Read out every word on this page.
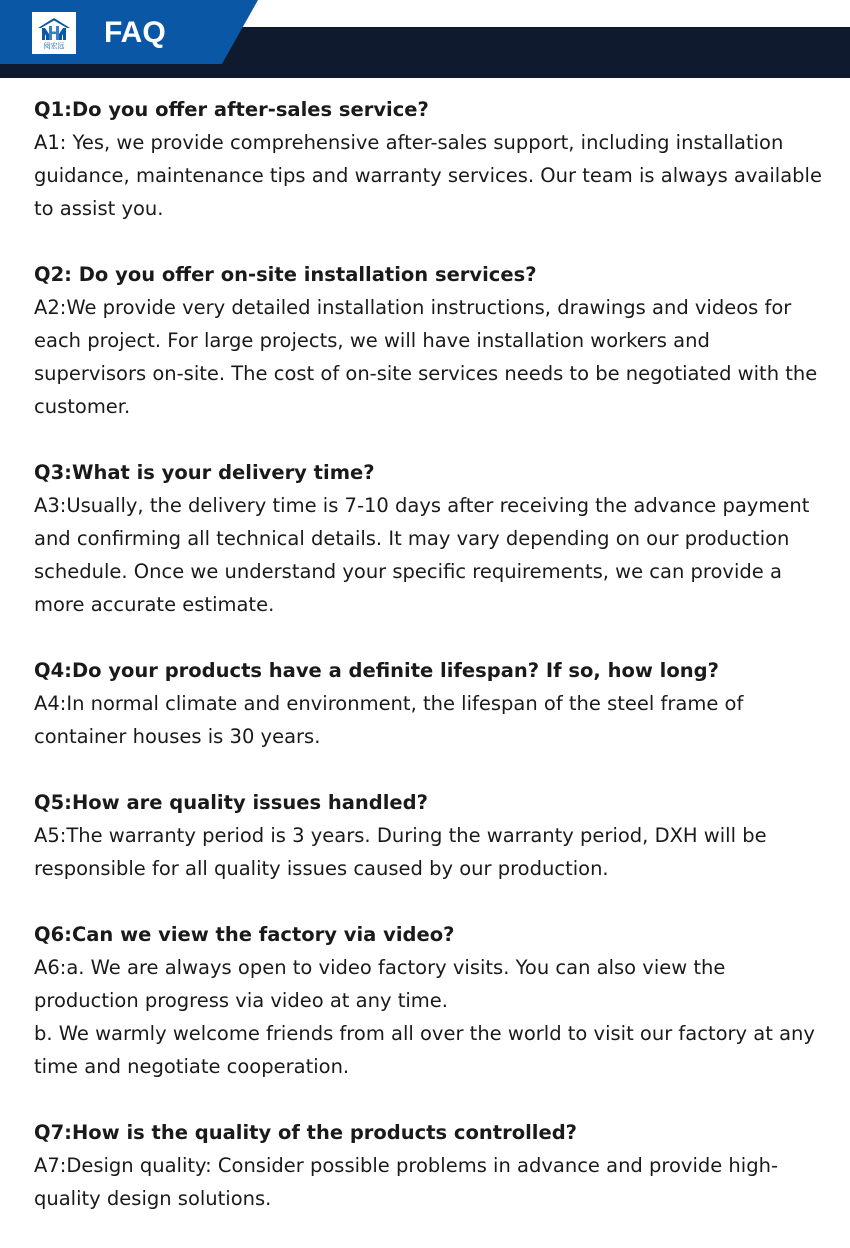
阅宏远 FAQ

Q1:Do you offer after-sales service?

A1: Yes, we provide comprehensive after-sales support, including installation guidance, maintenance tips and warranty services. Our team is always available to assist you.

Q2: Do you offer on-site installation services?

A2:We provide very detailed installation instructions, drawings and videos for each project. For large projects, we will have installation workers and supervisors on-site. The cost of on-site services needs to be negotiated with the customer.

Q3:What is your delivery time?

A3:Usually, the delivery time is 7-10 days after receiving the advance payment and confirming all technical details. It may vary depending on our production schedule. Once we understand your specific requirements, we can provide a more accurate estimate.

Q4:Do your products have a definite lifespan? If so, how long?

A4:In normal climate and environment, the lifespan of the steel frame of container houses is 30 years.

Q5:How are quality issues handled?

A5:The warranty period is 3 years. During the warranty period, DXH will be responsible for all quality issues caused by our production.

Q6:Can we view the factory via video?

A6:a. We are always open to video factory visits. You can also view the production progress via video at any time.

b. We warmly welcome friends from all over the world to visit our factory at any time and negotiate cooperation.

Q7:How is the quality of the products controlled?

A7:Design quality: Consider possible problems in advance and provide high-quality design solutions.
